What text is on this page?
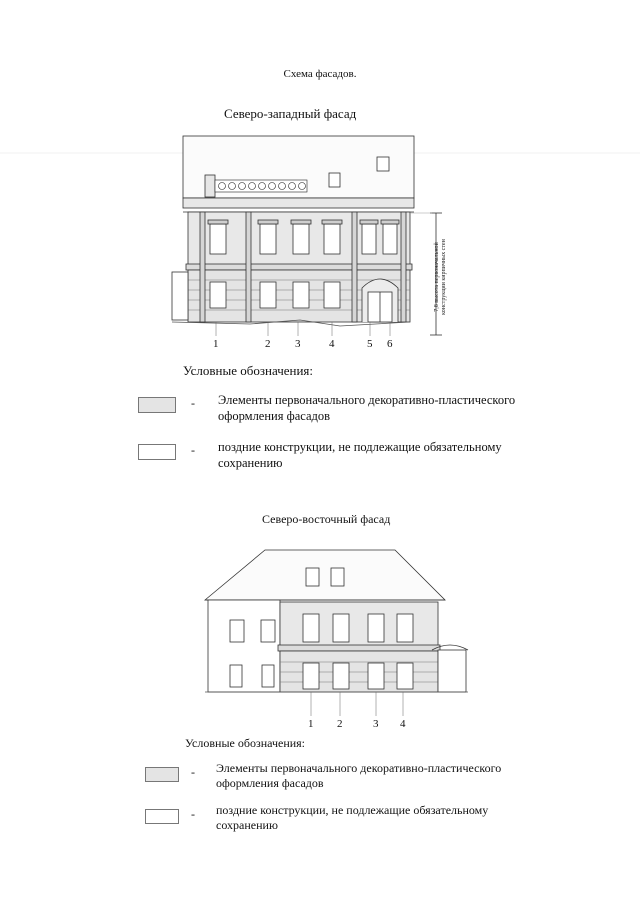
Схема фасадов.
Северо-западный фасад
7,8 высота первоначальной конструкции кирпичных стен
1	2 3	4	5 6
Условные обозначения:
- Элементы первоначального декоративно-пластического оформления фасадов
- поздние конструкции, не подлежащие обязательному сохранению
Северо-восточный фасад
1 2	3 4
Условные обозначения:
- Элементы первоначального декоративно-пластического оформления фасадов
- поздние конструкции, не подлежащие обязательному сохранению
